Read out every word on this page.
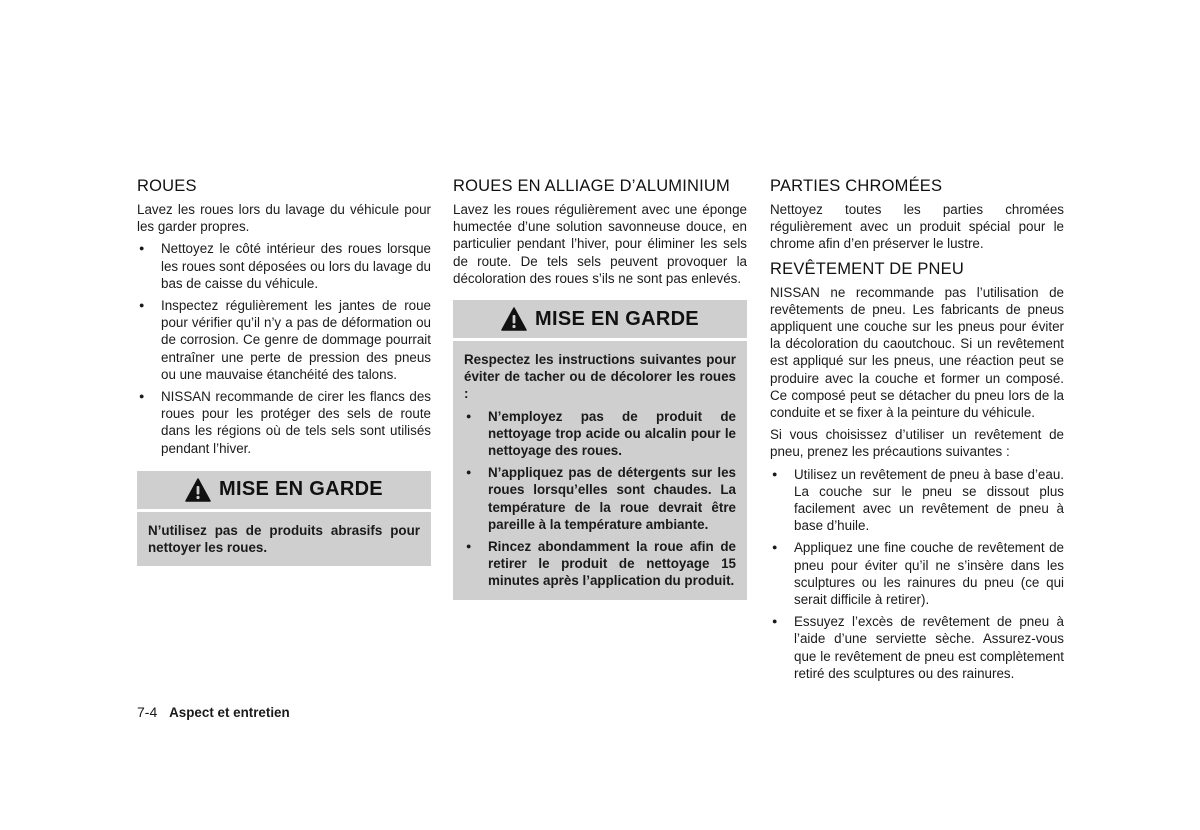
ROUES
Lavez les roues lors du lavage du véhicule pour les garder propres.
● Nettoyez le côté intérieur des roues lorsque les roues sont déposées ou lors du lavage du bas de caisse du véhicule.
● Inspectez régulièrement les jantes de roue pour vérifier qu’il n’y a pas de déformation ou de corrosion. Ce genre de dommage pourrait entraîner une perte de pression des pneus ou une mauvaise étanchéité des talons.
● NISSAN recommande de cirer les flancs des roues pour les protéger des sels de route dans les régions où de tels sels sont utilisés pendant l’hiver.
MISE EN GARDE
N’utilisez pas de produits abrasifs pour nettoyer les roues.
ROUES EN ALLIAGE D’ALUMINIUM
Lavez les roues régulièrement avec une éponge humectée d’une solution savonneuse douce, en particulier pendant l’hiver, pour éliminer les sels de route. De tels sels peuvent provoquer la décoloration des roues s’ils ne sont pas enlevés.
MISE EN GARDE
Respectez les instructions suivantes pour éviter de tacher ou de décolorer les roues :
● N’employez pas de produit de nettoyage trop acide ou alcalin pour le nettoyage des roues.
● N’appliquez pas de détergents sur les roues lorsqu’elles sont chaudes. La température de la roue devrait être pareille à la température ambiante.
● Rincez abondamment la roue afin de retirer le produit de nettoyage 15 minutes après l’application du produit.
PARTIES CHROMÉES
Nettoyez toutes les parties chromées régulièrement avec un produit spécial pour le chrome afin d’en préserver le lustre.
REVÊTEMENT DE PNEU
NISSAN ne recommande pas l’utilisation de revêtements de pneu. Les fabricants de pneus appliquent une couche sur les pneus pour éviter la décoloration du caoutchouc. Si un revêtement est appliqué sur les pneus, une réaction peut se produire avec la couche et former un composé. Ce composé peut se détacher du pneu lors de la conduite et se fixer à la peinture du véhicule.
Si vous choisissez d’utiliser un revêtement de pneu, prenez les précautions suivantes :
● Utilisez un revêtement de pneu à base d’eau. La couche sur le pneu se dissout plus facilement avec un revêtement de pneu à base d’huile.
● Appliquez une fine couche de revêtement de pneu pour éviter qu’il ne s’insère dans les sculptures ou les rainures du pneu (ce qui serait difficile à retirer).
● Essuyez l’excès de revêtement de pneu à l’aide d’une serviette sèche. Assurez-vous que le revêtement de pneu est complètement retiré des sculptures ou des rainures.
7-4 Aspect et entretien
